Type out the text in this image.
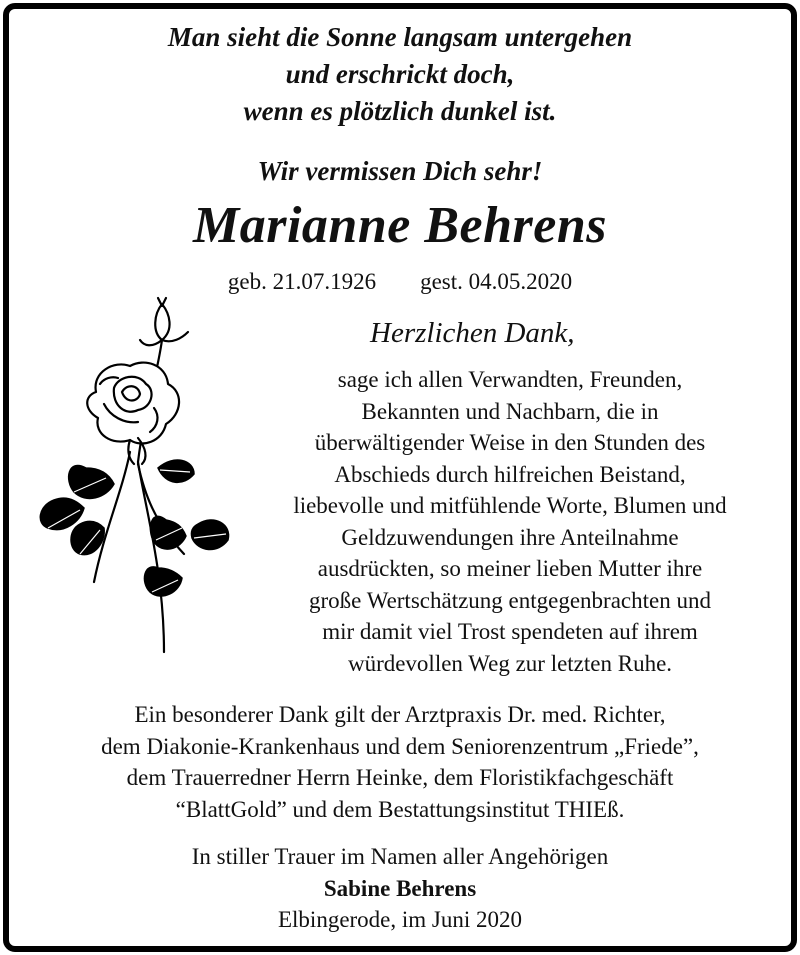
Man sieht die Sonne langsam untergehen
und erschrickt doch,
wenn es plötzlich dunkel ist.
Wir vermissen Dich sehr!
Marianne Behrens
geb. 21.07.1926 gest. 04.05.2020
Herzlichen Dank,
sage ich allen Verwandten, Freunden,
Bekannten und Nachbarn, die in
überwältigender Weise in den Stunden des
Abschieds durch hilfreichen Beistand,
liebevolle und mitfühlende Worte, Blumen und
Geldzuwendungen ihre Anteilnahme
ausdrückten, so meiner lieben Mutter ihre
große Wertschätzung entgegenbrachten und
mir damit viel Trost spendeten auf ihrem
würdevollen Weg zur letzten Ruhe.
Ein besonderer Dank gilt der Arztpraxis Dr. med. Richter,
dem Diakonie-Krankenhaus und dem Seniorenzentrum „Friede”,
dem Trauerredner Herrn Heinke, dem Floristikfachgeschäft
“BlattGold” und dem Bestattungsinstitut THIEß.
In stiller Trauer im Namen aller Angehörigen
Sabine Behrens
Elbingerode, im Juni 2020
